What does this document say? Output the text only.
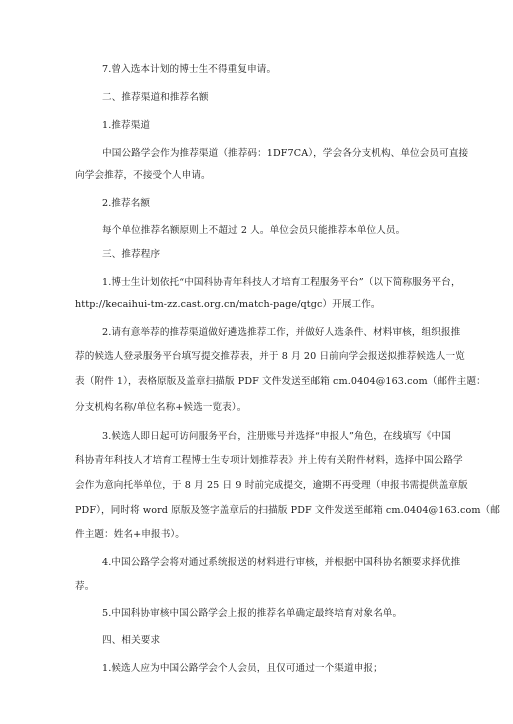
7.曾入选本计划的博士生不得重复申请。
二、推荐渠道和推荐名额
1.推荐渠道
中国公路学会作为推荐渠道（推荐码：1DF7CA），学会各分支机构、单位会员可直接
向学会推荐，不接受个人申请。
2.推荐名额
每个单位推荐名额原则上不超过 2 人。单位会员只能推荐本单位人员。
三、推荐程序
1.博士生计划依托“中国科协青年科技人才培育工程服务平台”（以下简称服务平台，
http://kecaihui-tm-zz.cast.org.cn/match-page/qtgc）开展工作。
2.请有意举荐的推荐渠道做好遴选推荐工作，并做好人选条件、材料审核，组织报推
荐的候选人登录服务平台填写提交推荐表，并于 8 月 20 日前向学会报送拟推荐候选人一览
表（附件 1），表格原版及盖章扫描版 PDF 文件发送至邮箱 cm.0404@163.com（邮件主题：
分支机构名称/单位名称+候选一览表）。
3.候选人即日起可访问服务平台，注册账号并选择“申报人”角色，在线填写《中国
科协青年科技人才培育工程博士生专项计划推荐表》并上传有关附件材料，选择中国公路学
会作为意向托举单位，于 8 月 25 日 9 时前完成提交，逾期不再受理（申报书需提供盖章版
PDF），同时将 word 原版及签字盖章后的扫描版 PDF 文件发送至邮箱 cm.0404@163.com（邮
件主题：姓名+申报书）。
4.中国公路学会将对通过系统报送的材料进行审核，并根据中国科协名额要求择优推
荐。
5.中国科协审核中国公路学会上报的推荐名单确定最终培育对象名单。
四、相关要求
1.候选人应为中国公路学会个人会员，且仅可通过一个渠道申报；
